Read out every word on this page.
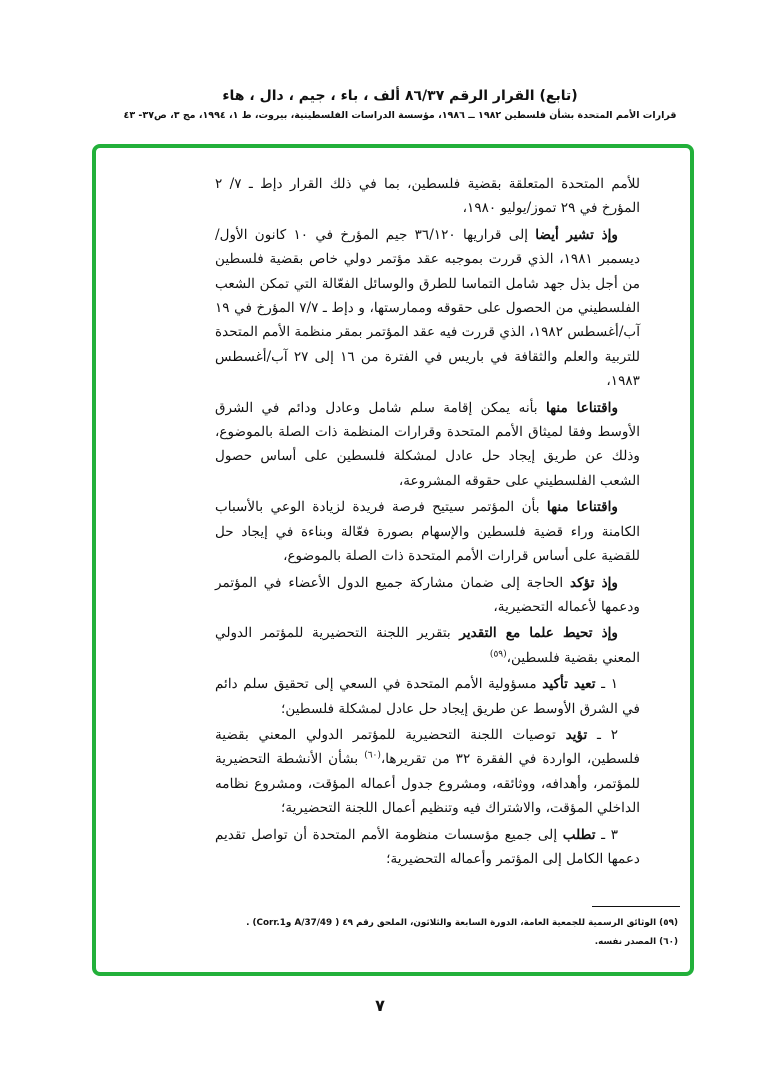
(تابع) القرار الرقم ٨٦/٣٧ ألف ، باء ، جيم ، دال ، هاء
قرارات الأمم المتحدة بشأن فلسطين ١٩٨٢ ــ ١٩٨٦، مؤسسة الدراسات الفلسطينية، بيروت، ط ١، ١٩٩٤، مج ٣، ص٣٧- ٤٣

للأمم المتحدة المتعلقة بقضية فلسطين، بما في ذلك القرار دإط ـ ٧/ ٢ المؤرخ في ٢٩ تموز/يوليو ١٩٨٠،

وإذ تشير أيضا إلى قراريها ٣٦/١٢٠ جيم المؤرخ في ١٠ كانون الأول/ديسمبر ١٩٨١، الذي قررت بموجبه عقد مؤتمر دولي خاص بقضية فلسطين من أجل بذل جهد شامل التماسا للطرق والوسائل الفعّالة التي تمكن الشعب الفلسطيني من الحصول على حقوقه وممارستها، و دإط ـ ٧/٧ المؤرخ في ١٩ آب/أغسطس ١٩٨٢، الذي قررت فيه عقد المؤتمر بمقر منظمة الأمم المتحدة للتربية والعلم والثقافة في باريس في الفترة من ١٦ إلى ٢٧ آب/أغسطس ١٩٨٣،

واقتناعا منها بأنه يمكن إقامة سلم شامل وعادل ودائم في الشرق الأوسط وفقا لميثاق الأمم المتحدة وقرارات المنظمة ذات الصلة بالموضوع، وذلك عن طريق إيجاد حل عادل لمشكلة فلسطين على أساس حصول الشعب الفلسطيني على حقوقه المشروعة،

واقتناعا منها بأن المؤتمر سيتيح فرصة فريدة لزيادة الوعي بالأسباب الكامنة وراء قضية فلسطين والإسهام بصورة فعّالة وبناءة في إيجاد حل للقضية على أساس قرارات الأمم المتحدة ذات الصلة بالموضوع،

وإذ تؤكد الحاجة إلى ضمان مشاركة جميع الدول الأعضاء في المؤتمر ودعمها لأعماله التحضيرية،

وإذ تحيط علما مع التقدير بتقرير اللجنة التحضيرية للمؤتمر الدولي المعني بقضية فلسطين،$^{(٥٩)}$

١ ـ تعيد تأكيد مسؤولية الأمم المتحدة في السعي إلى تحقيق سلم دائم في الشرق الأوسط عن طريق إيجاد حل عادل لمشكلة فلسطين؛

٢ ـ تؤيد توصيات اللجنة التحضيرية للمؤتمر الدولي المعني بقضية فلسطين، الواردة في الفقرة ٣٢ من تقريرها،$^{(٦٠)}$ بشأن الأنشطة التحضيرية للمؤتمر، وأهدافه، ووثائقه، ومشروع جدول أعماله المؤقت، ومشروع نظامه الداخلي المؤقت، والاشتراك فيه وتنظيم أعمال اللجنة التحضيرية؛

٣ ـ تطلب إلى جميع مؤسسات منظومة الأمم المتحدة أن تواصل تقديم دعمها الكامل إلى المؤتمر وأعماله التحضيرية؛

(٥٩) الوثائق الرسمية للجمعية العامة، الدورة السابعة والثلاثون، الملحق رقم ٤٩ ( A/37/49 وCorr.1) .
(٦٠) المصدر نفسه.
٧
